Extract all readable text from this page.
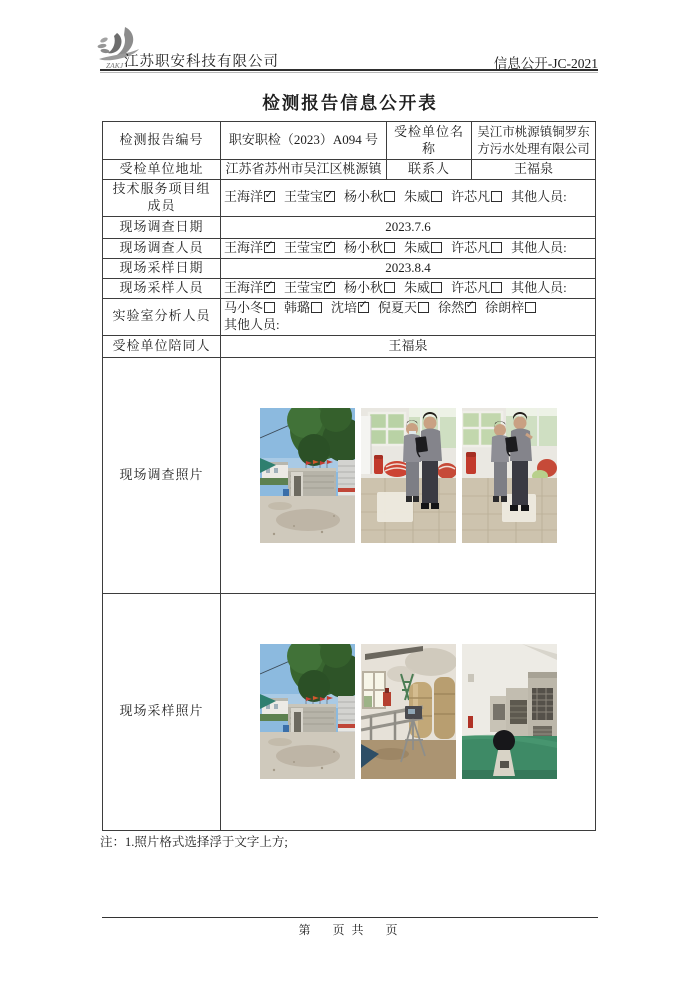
ZAKJ 江苏职安科技有限公司	信息公开-JC-2021
检测报告信息公开表
检测报告编号	职安职检（2023）A094 号	受检单位名称	吴江市桃源镇铜罗东方污水处理有限公司
受检单位地址	江苏省苏州市吴江区桃源镇	联系人	王福泉
技术服务项目组成员	王海洋 ✓ 王莹宝 ✓ 杨小秋 朱威 许芯凡 其他人员:
现场调查日期	2023.7.6		
现场调查人员	王海洋 ✓ 王莹宝 ✓ 杨小秋 朱威 许芯凡 其他人员:
现场采样日期	2023.8.4		
现场采样人员	王海洋 ✓ 王莹宝 ✓ 杨小秋 朱威 许芯凡 其他人员:
实验室分析人员	马小冬 韩璐 沈培 ✓ 倪夏天 徐然✓ 徐朗梓
其他人员:

受检单位陪同人	王福泉		
现场调查照片	

现场采样照片	
注：1.照片格式选择浮于文字上方;
第    页 共    页
